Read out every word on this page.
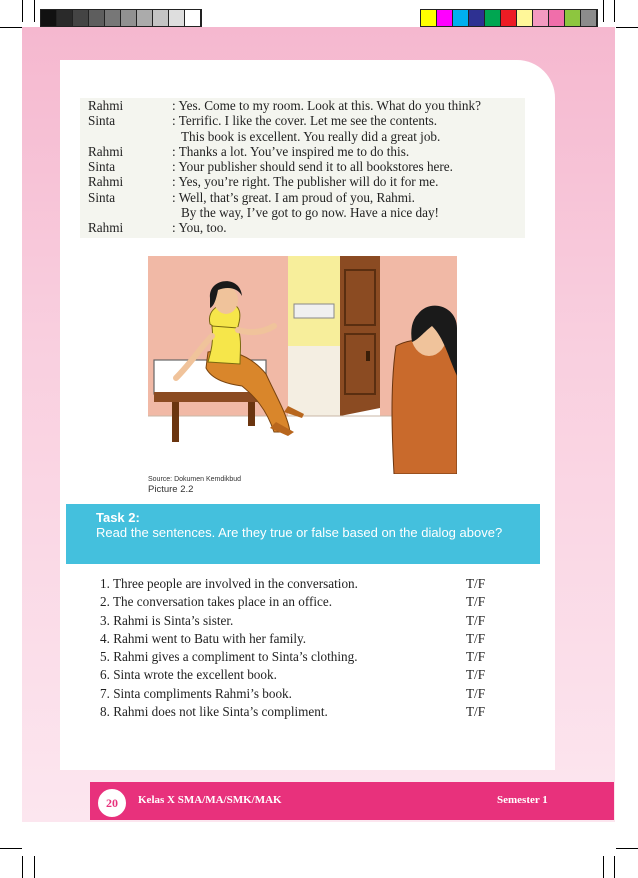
Rahmi	: Yes. Come to my room. Look at this. What do you think?
Sinta	: Terrific. I like the cover. Let me see the contents.
This book is excellent. You really did a great job.
Rahmi	: Thanks a lot. You’ve inspired me to do this.
Sinta	: Your publisher should send it to all bookstores here.
Rahmi	: Yes, you’re right. The publisher will do it for me.
Sinta	: Well, that’s great. I am proud of you, Rahmi.
By the way, I’ve got to go now. Have a nice day!
Rahmi	: You, too.
Source: Dokumen Kemdikbud
Picture 2.2
Task 2:
Read the sentences. Are they true or false based on the dialog above?
1. Three people are involved in the conversation.	T/F
2. The conversation takes place in an office.	T/F
3. Rahmi is Sinta’s sister.	T/F
4. Rahmi went to Batu with her family.	T/F
5. Rahmi gives a compliment to Sinta’s clothing.	T/F
6. Sinta wrote the excellent book.	T/F
7. Sinta compliments Rahmi’s book.	T/F
8. Rahmi does not like Sinta’s compliment.	T/F
20	Kelas X SMA/MA/SMK/MAK	Semester 1
